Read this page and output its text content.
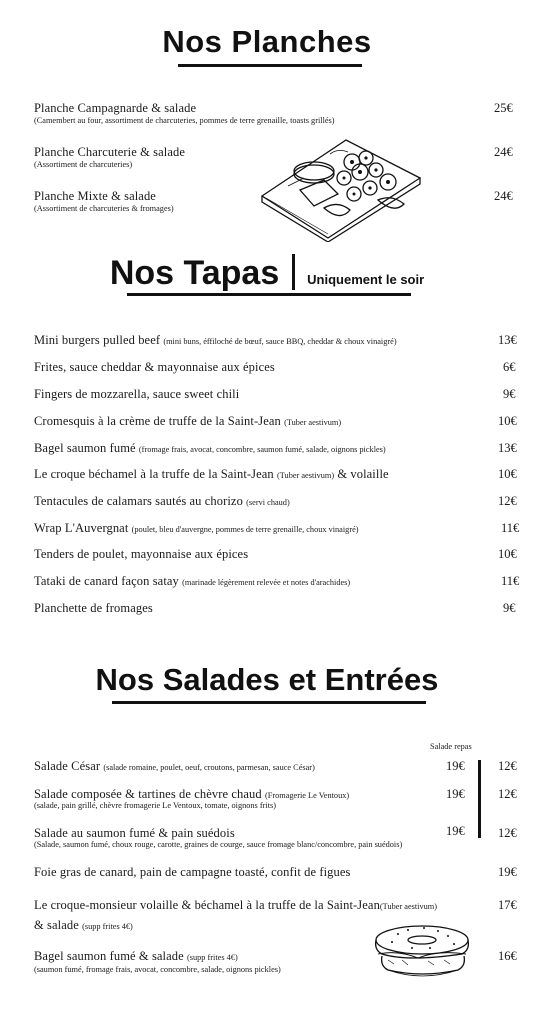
Nos Planches
Planche Campagnarde & salade
(Camembert au four, assortiment de charcuteries, pommes de terre grenaille, toasts grillés)
25€
Planche Charcuterie & salade
(Assortiment de charcuteries)
24€
Planche Mixte & salade
(Assortiment de charcuteries & fromages)
24€
Nos Tapas Uniquement le soir
Mini burgers pulled beef (mini buns, éffiloché de bœuf, sauce BBQ, cheddar & choux vinaigré)	13€
Frites, sauce cheddar & mayonnaise aux épices	6€
Fingers de mozzarella, sauce sweet chili	9€
Cromesquis à la crème de truffe de la Saint-Jean (Tuber aestivum)	10€
Bagel saumon fumé (fromage frais, avocat, concombre, saumon fumé, salade, oignons pickles)	13€
Le croque béchamel à la truffe de la Saint-Jean (Tuber aestivum) & volaille	10€
Tentacules de calamars sautés au chorizo (servi chaud)	12€
Wrap L'Auvergnat (poulet, bleu d'auvergne, pommes de terre grenaille, choux vinaigré)	11€
Tenders de poulet, mayonnaise aux épices	10€
Tataki de canard façon satay (marinade légèrement relevée et notes d'arachides)	11€
Planchette de fromages	9€
Nos Salades et Entrées
Salade repas
Salade César (salade romaine, poulet, oeuf, croutons, parmesan, sauce César)	19€	12€
Salade composée & tartines de chèvre chaud (Fromagerie Le Ventoux)
(salade, pain grillé, chèvre fromagerie Le Ventoux, tomate, oignons frits)
19€	12€
Salade au saumon fumé & pain suédois
(Salade, saumon fumé, choux rouge, carotte, graines de courge, sauce fromage blanc/concombre, pain suédois)
19€	12€
Foie gras de canard, pain de campagne toasté, confit de figues	19€
Le croque-monsieur volaille & béchamel à la truffe de la Saint-Jean(Tuber aestivum)
& salade (supp frites 4€)
17€
Bagel saumon fumé & salade (supp frites 4€)
(saumon fumé, fromage frais, avocat, concombre, salade, oignons pickles)
16€
